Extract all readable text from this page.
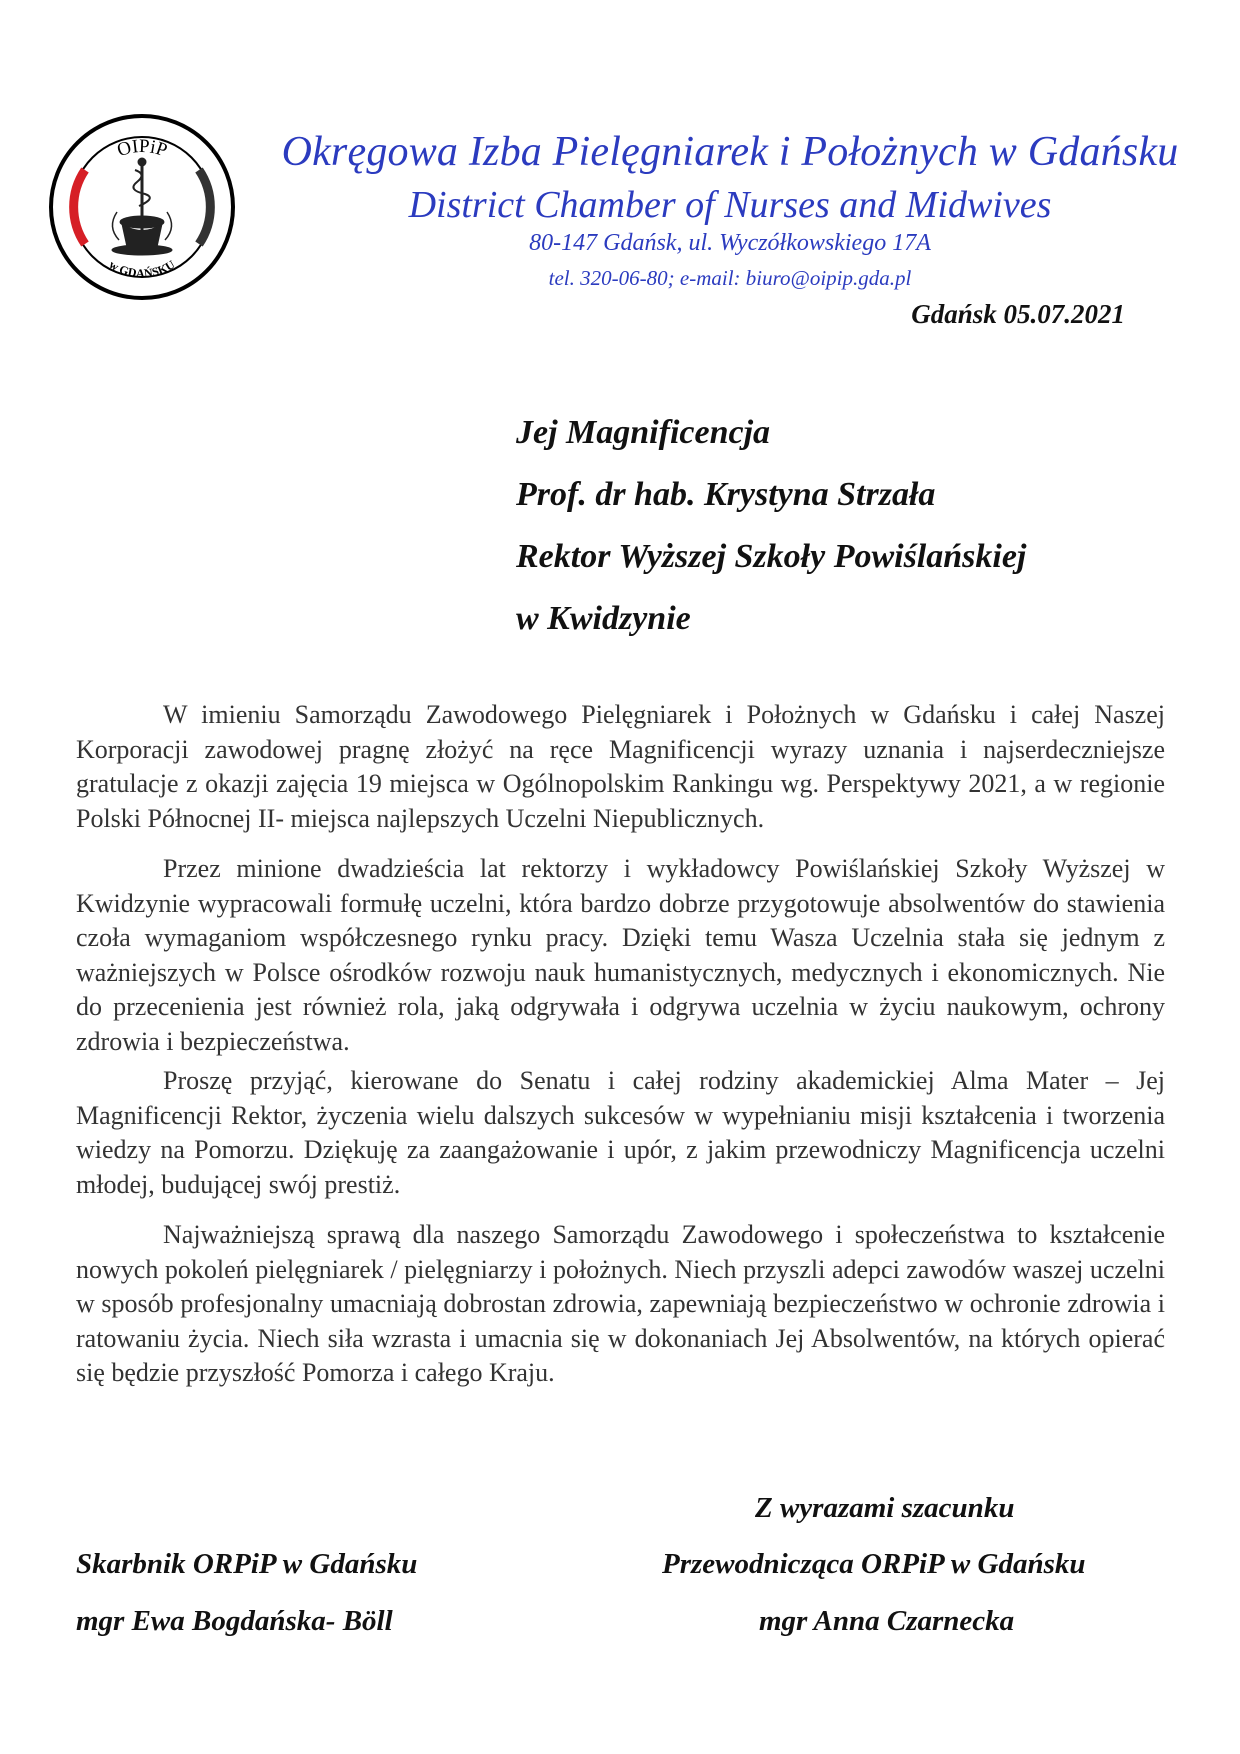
OIPiP
w GDAŃSKU
Okręgowa Izba Pielęgniarek i Położnych w Gdańsku
District Chamber of Nurses and Midwives
80-147 Gdańsk, ul. Wyczółkowskiego 17A
tel. 320-06-80; e-mail: biuro@oipip.gda.pl
Gdańsk 05.07.2021
Jej Magnificencja
Prof. dr hab. Krystyna Strzała
Rektor Wyższej Szkoły Powiślańskiej
w Kwidzynie

W imieniu Samorządu Zawodowego Pielęgniarek i Położnych w Gdańsku i całej Naszej Korporacji zawodowej pragnę złożyć na ręce Magnificencji wyrazy uznania i najserdeczniejsze gratulacje z okazji zajęcia 19 miejsca w Ogólnopolskim Rankingu wg. Perspektywy 2021, a w regionie Polski Północnej II- miejsca najlepszych Uczelni Niepublicznych.

Przez minione dwadzieścia lat rektorzy i wykładowcy Powiślańskiej Szkoły Wyższej w Kwidzynie wypracowali formułę uczelni, która bardzo dobrze przygotowuje absolwentów do stawienia czoła wymaganiom współczesnego rynku pracy. Dzięki temu Wasza Uczelnia stała się jednym z ważniejszych w Polsce ośrodków rozwoju nauk humanistycznych, medycznych i ekonomicznych. Nie do przecenienia jest również rola, jaką odgrywała i odgrywa uczelnia w życiu naukowym, ochrony zdrowia i bezpieczeństwa.

Proszę przyjąć, kierowane do Senatu i całej rodziny akademickiej Alma Mater – Jej Magnificencji Rektor, życzenia wielu dalszych sukcesów w wypełnianiu misji kształcenia i tworzenia wiedzy na Pomorzu. Dziękuję za zaangażowanie i upór, z jakim przewodniczy Magnificencja uczelni młodej, budującej swój prestiż.

Najważniejszą sprawą dla naszego Samorządu Zawodowego i społeczeństwa to kształcenie nowych pokoleń pielęgniarek / pielęgniarzy i położnych. Niech przyszli adepci zawodów waszej uczelni w sposób profesjonalny umacniają dobrostan zdrowia, zapewniają bezpieczeństwo w ochronie zdrowia i ratowaniu życia. Niech siła wzrasta i umacnia się w dokonaniach Jej Absolwentów, na których opierać się będzie przyszłość Pomorza i całego Kraju.

Z wyrazami szacunku
Skarbnik ORPiP w Gdańsku
mgr Ewa Bogdańska- Böll
Przewodnicząca ORPiP w Gdańsku
mgr Anna Czarnecka
